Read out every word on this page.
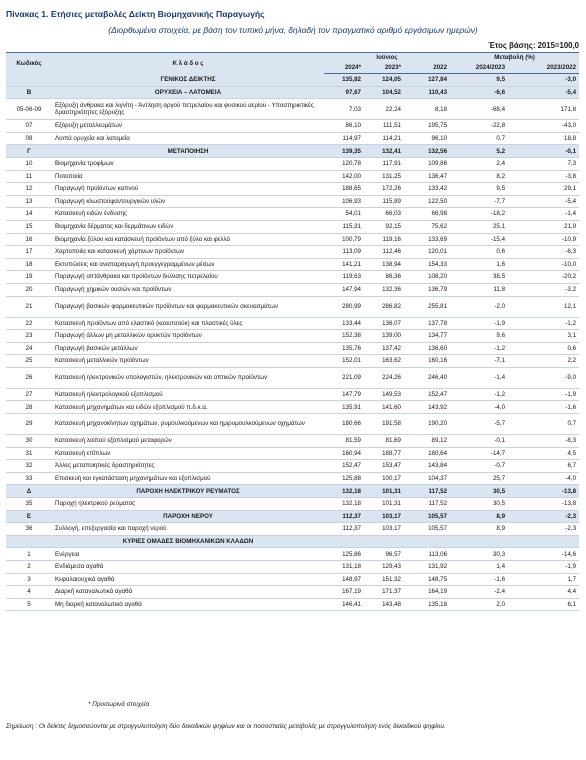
Πίνακας 1. Ετήσιες μεταβολές Δείκτη Βιομηχανικής Παραγωγής
(Διορθωμένα στοιχεία, με βάση τον τυπικό μήνα, δηλαδή τον πραγματικό αριθμό εργάσιμων ημερών)
Έτος βάσης: 2015=100,0
Κωδικός	Κ λ ά δ ο ς	Ιούνιος			Μεταβολή (%)	
		2024*	2023*	2022	2024/2023	2023/2022
	ΓΕΝΙΚΟΣ ΔΕΙΚΤΗΣ	135,82	124,05	127,84	9,5	-3,0
Β	ΟΡΥΧΕΙΑ – ΛΑΤΟΜΕΙΑ	97,67	104,52	110,43	-6,6	-5,4
05-06-09	Εξόρυξη άνθρακα και λιγνίτη - Άντληση αργού πετρελαίου και φυσικού αερίου - Υποστηρικτικές δραστηριότητες εξόρυξης	7,03	22,24	8,18	-68,4	171,8
07	Εξόρυξη μεταλλευμάτων	86,10	111,51	195,75	-22,8	-43,0
08	Λοιπά ορυχεία και λατομεία	114,97	114,21	96,10	0,7	18,8
Γ	ΜΕΤΑΠΟΙΗΣΗ	139,35	132,41	132,56	5,2	-0,1
10	Βιομηχανία τροφίμων	120,78	117,91	109,86	2,4	7,3
11	Ποτοποιία	142,00	131,25	136,47	8,2	-3,8
12	Παραγωγή προϊόντων καπνού	188,65	172,26	133,42	9,5	29,1
13	Παραγωγή κλωστοϋφαντουργικών υλών	106,93	115,89	122,50	-7,7	-5,4
14	Κατασκευή ειδών ένδυσης	54,01	66,03	66,98	-18,2	-1,4
15	Βιομηχανία δέρματος και δερμάτινων ειδών	115,31	92,15	75,62	25,1	21,9
16	Βιομηχανία ξύλου και κατασκευή προϊόντων από ξύλο και φελλό	100,79	119,16	133,69	-15,4	-10,9
17	Χαρτοποιία και κατασκευή χάρτινων προϊόντων	113,09	112,46	120,01	0,6	-6,3
18	Εκτυπώσεις και αναπαραγωγή προεγγεγραμμένων μέσων	141,21	138,94	154,33	1,6	-10,0
19	Παραγωγή οπτάνθρακα και προϊόντων διύλισης πετρελαίου	119,63	86,36	108,20	38,5	-20,2
20	Παραγωγή χημικών ουσιών και προϊόντων	147,94	132,36	136,79	11,8	-3,2
21	Παραγωγή βασικών φαρμακευτικών προϊόντων και φαρμακευτικών σκευασμάτων	280,99	286,82	255,81	-2,0	12,1
22	Κατασκευή προϊόντων από ελαστικό (καουτσούκ) και πλαστικές ύλες	133,44	136,07	137,78	-1,9	-1,2
23	Παραγωγή άλλων μη μεταλλικών ορυκτών προϊόντων	152,38	139,00	134,77	9,6	3,1
24	Παραγωγή βασικών μετάλλων	135,76	137,42	136,60	-1,2	0,6
25	Κατασκευή μεταλλικών προϊόντων	152,01	163,62	160,16	-7,1	2,2
26	Κατασκευή ηλεκτρονικών υπολογιστών, ηλεκτρονικών και οπτικών προϊόντων	221,09	224,26	246,40	-1,4	-9,0
27	Κατασκευή ηλεκτρολογικού εξοπλισμού	147,79	149,53	152,47	-1,2	-1,9
28	Κατασκευή μηχανημάτων και ειδών εξοπλισμού π.δ.κ.α.	135,91	141,60	143,92	-4,0	-1,6
29	Κατασκευή μηχανοκίνητων οχημάτων, ρυμουλκούμενων και ημιρυμουλκούμενων οχημάτων	180,66	191,58	190,20	-5,7	0,7
30	Κατασκευή λοιπού εξοπλισμού μεταφορών	81,59	81,69	89,12	-0,1	-8,3
31	Κατασκευή επίπλων	160,94	188,77	180,64	-14,7	4,5
32	Άλλες μεταποιητικές δραστηριότητες	152,47	153,47	143,84	-0,7	6,7
33	Επισκευή και εγκατάσταση μηχανημάτων και εξοπλισμού	125,88	100,17	104,37	25,7	-4,0
Δ	ΠΑΡΟΧΗ ΗΛΕΚΤΡΙΚΟΥ ΡΕΥΜΑΤΟΣ	132,18	101,31	117,52	30,5	-13,8
35	Παροχή ηλεκτρικού ρεύματος	132,18	101,31	117,52	30,5	-13,8
Ε	ΠΑΡΟΧΗ ΝΕΡΟΥ	112,37	103,17	105,57	8,9	-2,3
36	Συλλογή, επεξεργασία και παροχή νερού	112,37	103,17	105,57	8,9	-2,3
	ΚΥΡΙΕΣ ΟΜΑΔΕΣ ΒΙΟΜΗΧΑΝΙΚΩΝ ΚΛΑΔΩΝ					
1	Ενέργεια	125,86	96,57	113,06	30,3	-14,6
2	Ενδιάμεσα αγαθά	131,18	129,43	131,92	1,4	-1,9
3	Κεφαλαιουχικά αγαθά	148,97	151,32	148,75	-1,6	1,7
4	Διαρκή καταναλωτικά αγαθά	167,19	171,37	164,19	-2,4	4,4
5	Μη διαρκή καταναλωτικά αγαθά	146,41	143,48	135,18	2,0	6,1
* Προσωρινά στοιχεία
Σημείωση : Οι δείκτες δημοσιεύονται με στρογγυλοποίηση δύο δεκαδικών ψηφίων και οι ποσοστιαίες μεταβολές με στρογγυλοποίηση ενός δεκαδικού ψηφίου.
